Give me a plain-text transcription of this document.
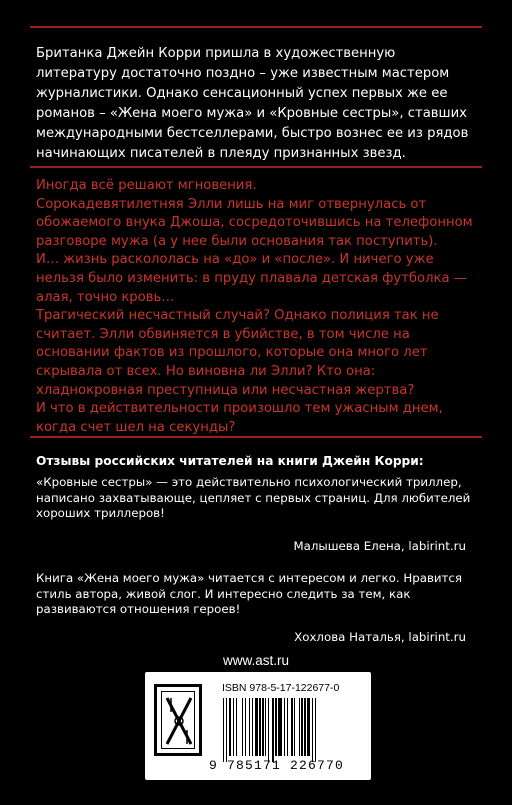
Британка Джейн Корри пришла в художественную литературу достаточно поздно – уже известным мастером журналистики. Однако сенсационный успех первых же ее романов – «Жена моего мужа» и «Кровные сестры», ставших международными бестселлерами, быстро вознес ее из рядов начинающих писателей в плеяду признанных звезд.

Иногда всё решают мгновения.

Сорокадевятилетняя Элли лишь на миг отвернулась от обожаемого внука Джоша, сосредоточившись на телефонном разговоре мужа (а у нее были основания так поступить).

И… жизнь раскололась на «до» и «после». И ничего уже нельзя было изменить: в пруду плавала детская футболка — алая, точно кровь…

Трагический несчастный случай? Однако полиция так не считает. Элли обвиняется в убийстве, в том числе на основании фактов из прошлого, которые она много лет скрывала от всех. Но виновна ли Элли? Кто она: хладнокровная преступница или несчастная жертва?

И что в действительности произошло тем ужасным днем, когда счет шел на секунды?

Отзывы российских читателей на книги Джейн Корри:
«Кровные сестры» — это действительно психологический триллер, написано захватывающе, цепляет с первых страниц. Для любителей хороших триллеров!
Малышева Елена, labirint.ru
Книга «Жена моего мужа» читается с интересом и легко. Нравится стиль автора, живой слог. И интересно следить за тем, как развиваются отношения героев!
Хохлова Наталья, labirint.ru
www.ast.ru
ISBN 978-5-17-122677-0
9 785171 226770
